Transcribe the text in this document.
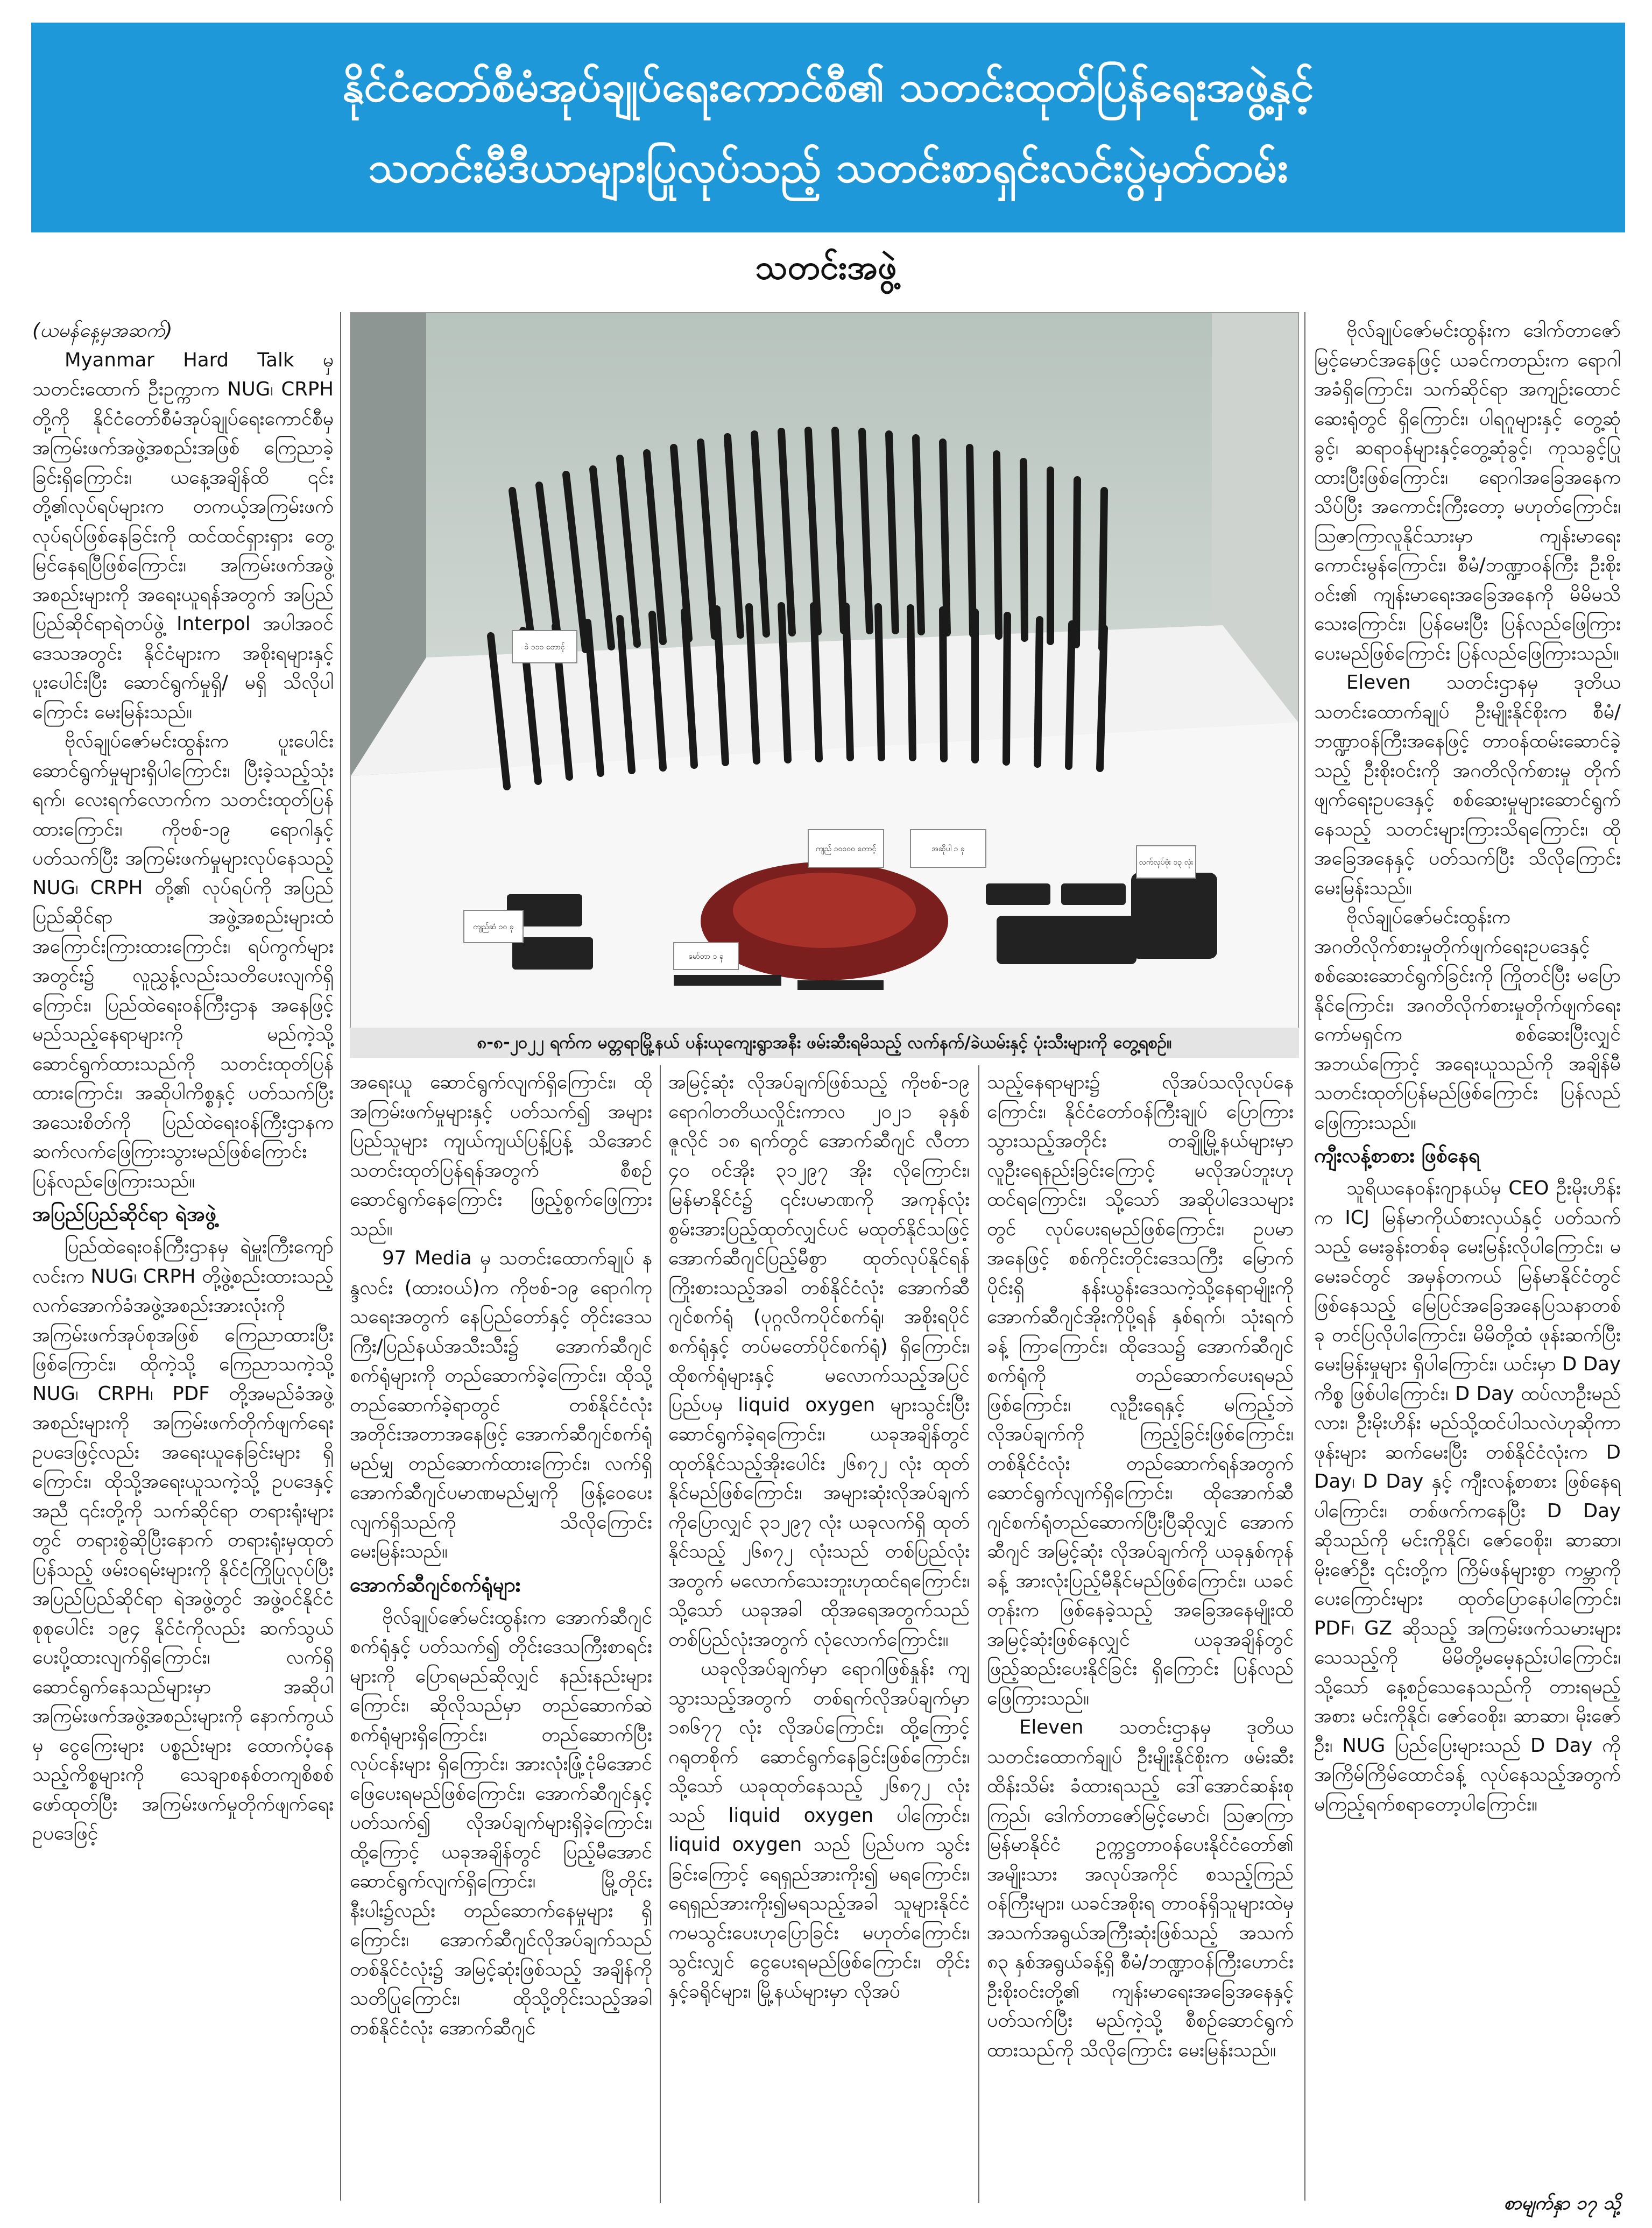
နိုင်ငံတော်စီမံအုပ်ချုပ်ရေးကောင်စီ၏ သတင်းထုတ်ပြန်ရေးအဖွဲ့နှင့်
သတင်းမီဒီယာများပြုလုပ်သည့် သတင်းစာရှင်းလင်းပွဲမှတ်တမ်း
သတင်းအဖွဲ့

(ယမန်နေ့မှအဆက်)

Myanmar Hard Talk မှ သတင်းထောက် ဦးဥက္ကာက NUG၊ CRPH တို့ကို နိုင်ငံတော်စီမံအုပ်ချုပ်ရေးကောင်စီမှ အကြမ်းဖက်အဖွဲ့အစည်းအဖြစ် ကြေညာခဲ့ခြင်းရှိကြောင်း၊ ယနေ့အချိန်ထိ ၎င်းတို့၏လုပ်ရပ်များက တကယ့်အကြမ်းဖက်လုပ်ရပ်ဖြစ်နေခြင်းကို ထင်ထင်ရှားရှား တွေ့မြင်နေရပြီဖြစ်ကြောင်း၊ အကြမ်းဖက်အဖွဲ့အစည်းများကို အရေးယူရန်အတွက် အပြည်ပြည်ဆိုင်ရာရဲတပ်ဖွဲ့ Interpol အပါအဝင် ဒေသအတွင်း နိုင်ငံများက အစိုးရများနှင့် ပူးပေါင်းပြီး ဆောင်ရွက်မှုရှိ/ မရှိ သိလိုပါကြောင်း မေးမြန်းသည်။

ဗိုလ်ချုပ်ဇော်မင်းထွန်းက ပူးပေါင်းဆောင်ရွက်မှုများရှိပါကြောင်း၊ ပြီးခဲ့သည့်သုံးရက်၊ လေးရက်လောက်က သတင်းထုတ်ပြန်ထားကြောင်း၊ ကိုဗစ်-၁၉ ရောဂါနှင့် ပတ်သက်ပြီး အကြမ်းဖက်မှုများလုပ်နေသည့် NUG၊ CRPH တို့၏ လုပ်ရပ်ကို အပြည်ပြည်ဆိုင်ရာ အဖွဲ့အစည်းများထံ အကြောင်းကြားထားကြောင်း၊ ရပ်ကွက်များအတွင်း၌ လူညွှန့်လည်းသတိပေးလျက်ရှိကြောင်း၊ ပြည်ထဲရေးဝန်ကြီးဌာန အနေဖြင့် မည်သည့်နေရာများကို မည်ကဲ့သို့ ဆောင်ရွက်ထားသည်ကို သတင်းထုတ်ပြန်ထားကြောင်း၊ အဆိုပါကိစ္စနှင့် ပတ်သက်ပြီး အသေးစိတ်ကို ပြည်ထဲရေးဝန်ကြီးဌာနက ဆက်လက်ဖြေကြားသွားမည်ဖြစ်ကြောင်း ပြန်လည်ဖြေကြားသည်။

အပြည်ပြည်ဆိုင်ရာ ရဲအဖွဲ့

ပြည်ထဲရေးဝန်ကြီးဌာနမှ ရဲမှူးကြီးကျော်လင်းက NUG၊ CRPH တို့ဖွဲ့စည်းထားသည့် လက်အောက်ခံအဖွဲ့အစည်းအားလုံးကို အကြမ်းဖက်အုပ်စုအဖြစ် ကြေညာထားပြီးဖြစ်ကြောင်း၊ ထိုကဲ့သို့ ကြေညာသကဲ့သို့ NUG၊ CRPH၊ PDF တို့အမည်ခံအဖွဲ့အစည်းများကို အကြမ်းဖက်တိုက်ဖျက်ရေးဥပဒေဖြင့်လည်း အရေးယူနေခြင်းများ ရှိကြောင်း၊ ထိုသို့အရေးယူသကဲ့သို့ ဥပဒေနှင့်အညီ ၎င်းတို့ကို သက်ဆိုင်ရာ တရားရုံးများတွင် တရားစွဲဆိုပြီးနောက် တရားရုံးမှထုတ်ပြန်သည့် ဖမ်းဝရမ်းများကို နိုင်ငံကြိုပြုလုပ်ပြီး အပြည်ပြည်ဆိုင်ရာ ရဲအဖွဲ့တွင် အဖွဲ့ဝင်နိုင်ငံစုစုပေါင်း ၁၉၄ နိုင်ငံကိုလည်း ဆက်သွယ်ပေးပို့ထားလျက်ရှိကြောင်း၊ လက်ရှိဆောင်ရွက်နေသည်များမှာ အဆိုပါအကြမ်းဖက်အဖွဲ့အစည်းများကို နောက်ကွယ်မှ ငွေကြေးများ ပစ္စည်းများ ထောက်ပံ့နေသည့်ကိစ္စများကို သေချာစနစ်တကျစိစစ်ဖော်ထုတ်ပြီး အကြမ်းဖက်မှုတိုက်ဖျက်ရေးဥပဒေဖြင့်

ခဲ ၁၁၁ တောင့်
ကျည် ၁၀၀၀၀ တောင့်	အဆိုပါ ၁ ခု
ကျည်ဆံ ၁၀ ခု
လက်လုပ်ဗုံး ၁၃ လုံး
မော်တာ ၁ ခု
၈-၈-၂၀၂၂ ရက်က မတ္တရာမြို့နယ် ပန်းယုကျေးရွာအနီး ဖမ်းဆီးရမိသည့် လက်နက်/ခဲယမ်းနှင့် ပုံးသီးများကို တွေ့ရစဉ်။

အရေးယူ ဆောင်ရွက်လျက်ရှိကြောင်း၊ ထိုအကြမ်းဖက်မှုများနှင့် ပတ်သက်၍ အများပြည်သူများ ကျယ်ကျယ်ပြန့်ပြန့် သိအောင် သတင်းထုတ်ပြန်ရန်အတွက် စီစဉ်ဆောင်ရွက်နေကြောင်း ဖြည့်စွက်ဖြေကြားသည်။

97 Media မှ သတင်းထောက်ချုပ် နန္ဒလင်း (ထားဝယ်)က ကိုဗစ်-၁၉ ရောဂါကုသရေးအတွက် နေပြည်တော်နှင့် တိုင်းဒေသကြီး/ပြည်နယ်အသီးသီး၌ အောက်ဆီဂျင်စက်ရုံများကို တည်ဆောက်ခဲ့ကြောင်း၊ ထိုသို့တည်ဆောက်ခဲ့ရာတွင် တစ်နိုင်ငံလုံး အတိုင်းအတာအနေဖြင့် အောက်ဆီဂျင်စက်ရုံ မည်မျှ တည်ဆောက်ထားကြောင်း၊ လက်ရှိ အောက်ဆီဂျင်ပမာဏမည်မျှကို ဖြန့်ဝေပေးလျက်ရှိသည်ကို သိလိုကြောင်း မေးမြန်းသည်။

အောက်ဆီဂျင်စက်ရုံများ

ဗိုလ်ချုပ်ဇော်မင်းထွန်းက အောက်ဆီဂျင်စက်ရုံနှင့် ပတ်သက်၍ တိုင်းဒေသကြီးစာရင်းများကို ပြောရမည်ဆိုလျှင် နည်းနည်းများကြောင်း၊ ဆိုလိုသည်မှာ တည်ဆောက်ဆဲ စက်ရုံများရှိကြောင်း၊ တည်ဆောက်ပြီးလုပ်ငန်းများ ရှိကြောင်း၊ အားလုံးဖြုံ့ငုံမိအောင် ဖြေပေးရမည်ဖြစ်ကြောင်း၊ အောက်ဆီဂျင်နှင့် ပတ်သက်၍ လိုအပ်ချက်များရှိခဲ့ကြောင်း၊ ထို့ကြောင့် ယခုအချိန်တွင် ပြည့်မီအောင် ဆောင်ရွက်လျက်ရှိကြောင်း၊ မြို့တိုင်းနီးပါး၌လည်း တည်ဆောက်နေမှုများ ရှိကြောင်း၊ အောက်ဆီဂျင်လိုအပ်ချက်သည် တစ်နိုင်ငံလုံး၌ အမြင့်ဆုံးဖြစ်သည့် အချိန်ကိုသတိပြုကြောင်း၊ ထိုသို့တိုင်းသည့်အခါ တစ်နိုင်ငံလုံး အောက်ဆီဂျင်

အမြင့်ဆုံး လိုအပ်ချက်ဖြစ်သည့် ကိုဗစ်-၁၉ ရောဂါတတိယလှိုင်းကာလ ၂၀၂၁ ခုနှစ် ဇူလိုင် ၁၈ ရက်တွင် အောက်ဆီဂျင် လီတာ ၄၀ ဝင်အိုး ၃၁၂၉၇ အိုး လိုကြောင်း၊ မြန်မာနိုင်ငံ၌ ၎င်းပမာဏကို အကုန်လုံး စွမ်းအားပြည့်ထုတ်လျှင်ပင် မထုတ်နိုင်သဖြင့် အောက်ဆီဂျင်ပြည့်မီစွာ ထုတ်လုပ်နိုင်ရန် ကြိုးစားသည့်အခါ တစ်နိုင်ငံလုံး အောက်ဆီဂျင်စက်ရုံ (ပုဂ္ဂလိကပိုင်စက်ရုံ၊ အစိုးရပိုင်စက်ရုံနှင့် တပ်မတော်ပိုင်စက်ရုံ) ရှိကြောင်း၊ ထိုစက်ရုံများနှင့် မလောက်သည့်အပြင် ပြည်ပမှ liquid oxygen များသွင်းပြီး ဆောင်ရွက်ခဲ့ရကြောင်း၊ ယခုအချိန်တွင် ထုတ်နိုင်သည့်အိုးပေါင်း ၂၆၈၇၂ လုံး ထုတ်နိုင်မည်ဖြစ်ကြောင်း၊ အများဆုံးလိုအပ်ချက်ကိုပြောလျှင် ၃၁၂၉၇ လုံး ယခုလက်ရှိ ထုတ်နိုင်သည့် ၂၆၈၇၂ လုံးသည် တစ်ပြည်လုံးအတွက် မလောက်သေးဘူးဟုထင်ရကြောင်း၊ သို့သော် ယခုအခါ ထိုအရေအတွက်သည် တစ်ပြည်လုံးအတွက် လုံလောက်ကြောင်း။

ယခုလိုအပ်ချက်မှာ ရောဂါဖြစ်နှုန်း ကျသွားသည့်အတွက် တစ်ရက်လိုအပ်ချက်မှာ ၁၈၆၇၇ လုံး လိုအပ်ကြောင်း၊ ထို့ကြောင့် ဂရုတစိုက် ဆောင်ရွက်နေခြင်းဖြစ်ကြောင်း၊ သို့သော် ယခုထုတ်နေသည့် ၂၆၈၇၂ လုံးသည် liquid oxygen ပါကြောင်း၊ liquid oxygen သည် ပြည်ပက သွင်းခြင်းကြောင့် ရေရှည်အားကိုး၍ မရကြောင်း၊ ရေရှည်အားကိုး၍မရသည့်အခါ သူများနိုင်ငံကမသွင်းပေးဟုပြောခြင်း မဟုတ်ကြောင်း၊ သွင်းလျှင် ငွေပေးရမည်ဖြစ်ကြောင်း၊ တိုင်းနှင့်ခရိုင်များ၊ မြို့နယ်များမှာ လိုအပ်

သည့်နေရာများ၌ လိုအပ်သလိုလုပ်နေကြောင်း၊ နိုင်ငံတော်ဝန်ကြီးချုပ် ပြောကြားသွားသည့်အတိုင်း တချို့မြို့နယ်များမှာ လူဦးရေနည်းခြင်းကြောင့် မလိုအပ်ဘူးဟု ထင်ရကြောင်း၊ သို့သော် အဆိုပါဒေသများတွင် လုပ်ပေးရမည်ဖြစ်ကြောင်း၊ ဥပမာအနေဖြင့် စစ်ကိုင်းတိုင်းဒေသကြီး မြောက်ပိုင်းရှိ နန်းယွန်းဒေသကဲ့သို့နေရာမျိုးကို အောက်ဆီဂျင်အိုးကိုပို့ရန် နှစ်ရက်၊ သုံးရက်ခန့် ကြာကြောင်း၊ ထိုဒေသ၌ အောက်ဆီဂျင်စက်ရုံကို တည်ဆောက်ပေးရမည်ဖြစ်ကြောင်း၊ လူဦးရေနှင့် မကြည့်ဘဲ လိုအပ်ချက်ကို ကြည့်ခြင်းဖြစ်ကြောင်း၊ တစ်နိုင်ငံလုံး တည်ဆောက်ရန်အတွက် ဆောင်ရွက်လျက်ရှိကြောင်း၊ ထိုအောက်ဆီဂျင်စက်ရုံတည်ဆောက်ပြီးပြီဆိုလျှင် အောက်ဆီဂျင် အမြင့်ဆုံး လိုအပ်ချက်ကို ယခုနှစ်ကုန်ခန့် အားလုံးပြည့်မီနိုင်မည်ဖြစ်ကြောင်း၊ ယခင်တုန်းက ဖြစ်နေခဲ့သည့် အခြေအနေမျိုးထိ အမြင့်ဆုံးဖြစ်နေလျှင် ယခုအချိန်တွင် ဖြည့်ဆည်းပေးနိုင်ခြင်း ရှိကြောင်း ပြန်လည်ဖြေကြားသည်။

Eleven သတင်းဌာနမှ ဒုတိယသတင်းထောက်ချုပ် ဦးမျိုးနိုင်စိုးက ဖမ်းဆီးထိန်းသိမ်း ခံထားရသည့် ဒေါ်အောင်ဆန်းစုကြည်၊ ဒေါက်တာဇော်မြင့်မောင်၊ ဩဇာကြာ မြန်မာနိုင်ငံ ဥက္ကဋ္ဌတာဝန်ပေးနိုင်ငံတော်၏ အမျိုးသား အလုပ်အကိုင် စသည့်ကြည်ဝန်ကြီးများ၊ ယခင်အစိုးရ တာဝန်ရှိသူများထဲမှ အသက်အရွယ်အကြီးဆုံးဖြစ်သည့် အသက် ၈၃ နှစ်အရွယ်ခန့်ရှိ စီမံ/ဘဏ္ဍာဝန်ကြီးဟောင်း ဦးစိုးဝင်းတို့၏ ကျန်းမာရေးအခြေအနေနှင့် ပတ်သက်ပြီး မည်ကဲ့သို့ စီစဉ်ဆောင်ရွက်ထားသည်ကို သိလိုကြောင်း မေးမြန်းသည်။

ဗိုလ်ချုပ်ဇော်မင်းထွန်းက ဒေါက်တာဇော်မြင့်မောင်အနေဖြင့် ယခင်ကတည်းက ရောဂါအခံရှိကြောင်း၊ သက်ဆိုင်ရာ အကျဉ်းထောင်ဆေးရုံတွင် ရှိကြောင်း၊ ပါရဂူများနှင့် တွေ့ဆုံခွင့်၊ ဆရာဝန်များနှင့်တွေ့ဆုံခွင့်၊ ကုသခွင့်ပြုထားပြီးဖြစ်ကြောင်း၊ ရောဂါအခြေအနေကသိပ်ပြီး အကောင်းကြီးတော့ မဟုတ်ကြောင်း၊ ဩဇာကြာလူနိုင်သားမှာ ကျန်းမာရေးကောင်းမွန်ကြောင်း၊ စီမံ/ဘဏ္ဍာဝန်ကြီး ဦးစိုးဝင်း၏ ကျန်းမာရေးအခြေအနေကို မိမိမသိသေးကြောင်း၊ ပြန်မေးပြီး ပြန်လည်ဖြေကြားပေးမည်ဖြစ်ကြောင်း ပြန်လည်ဖြေကြားသည်။

Eleven သတင်းဌာနမှ ဒုတိယသတင်းထောက်ချုပ် ဦးမျိုးနိုင်စိုးက စီမံ/ဘဏ္ဍာဝန်ကြီးအနေဖြင့် တာဝန်ထမ်းဆောင်ခဲ့သည့် ဦးစိုးဝင်းကို အဂတိလိုက်စားမှု တိုက်ဖျက်ရေးဥပဒေနှင့် စစ်ဆေးမှုများဆောင်ရွက်နေသည့် သတင်းများကြားသိရကြောင်း၊ ထိုအခြေအနေနှင့် ပတ်သက်ပြီး သိလိုကြောင်း မေးမြန်းသည်။

ဗိုလ်ချုပ်ဇော်မင်းထွန်းက အဂတိလိုက်စားမှုတိုက်ဖျက်ရေးဥပဒေနှင့် စစ်ဆေးဆောင်ရွက်ခြင်းကို ကြိုတင်ပြီး မပြောနိုင်ကြောင်း၊ အဂတိလိုက်စားမှုတိုက်ဖျက်ရေးကော်မရှင်က စစ်ဆေးပြီးလျှင် အဘယ်ကြောင့် အရေးယူသည်ကို အချိန်မီ သတင်းထုတ်ပြန်မည်ဖြစ်ကြောင်း ပြန်လည်ဖြေကြားသည်။

ကျီးလန့်စာစား ဖြစ်နေရ

သူရိယနေဝန်းဂျာနယ်မှ CEO ဦးမိုးဟိန်းက ICJ မြန်မာကိုယ်စားလှယ်နှင့် ပတ်သက်သည့် မေးခွန်းတစ်ခု မေးမြန်းလိုပါကြောင်း၊ မမေးခင်တွင် အမှန်တကယ် မြန်မာနိုင်ငံတွင် ဖြစ်နေသည့် မြေပြင်အခြေအနေပြသနာတစ်ခု တင်ပြလိုပါကြောင်း၊ မိမိတို့ထံ ဖုန်းဆက်ပြီးမေးမြန်းမှုများ ရှိပါကြောင်း၊ ယင်းမှာ D Day ကိစ္စ ဖြစ်ပါကြောင်း၊ D Day ထပ်လာဦးမည်လား၊ ဦးမိုးဟိန်း မည်သို့ထင်ပါသလဲဟုဆိုကာ ဖုန်းများ ဆက်မေးပြီး တစ်နိုင်ငံလုံးက D Day၊ D Day နှင့် ကျီးလန့်စာစား ဖြစ်နေရပါကြောင်း၊ တစ်ဖက်ကနေပြီး D Day ဆိုသည်ကို မင်းကိုနိုင်၊ ဇော်ဝေစိုး၊ ဆာဆာ၊ မိုးဇော်ဦး ၎င်းတို့က ကြိမ်ဖန်များစွာ ကမ္ဘာကိုပေးကြောင်းများ ထုတ်ပြောနေပါကြောင်း၊ PDF၊ GZ ဆိုသည့် အကြမ်းဖက်သမားများ သေသည့်ကို မိမိတို့မမေ့နည်းပါကြောင်း၊ သို့သော် နေ့စဉ်သေနေသည်ကို တားရမည့်အစား မင်းကိုနိုင်၊ ဇော်ဝေစိုး၊ ဆာဆာ၊ မိုးဇော်ဦး၊ NUG ပြည်ပြေးများသည် D Day ကို အကြိမ်ကြိမ်ထောင်ခန့် လုပ်နေသည့်အတွက် မကြည့်ရက်စရာတော့ပါကြောင်း။

စာမျက်နှာ ၁၇ သို့
